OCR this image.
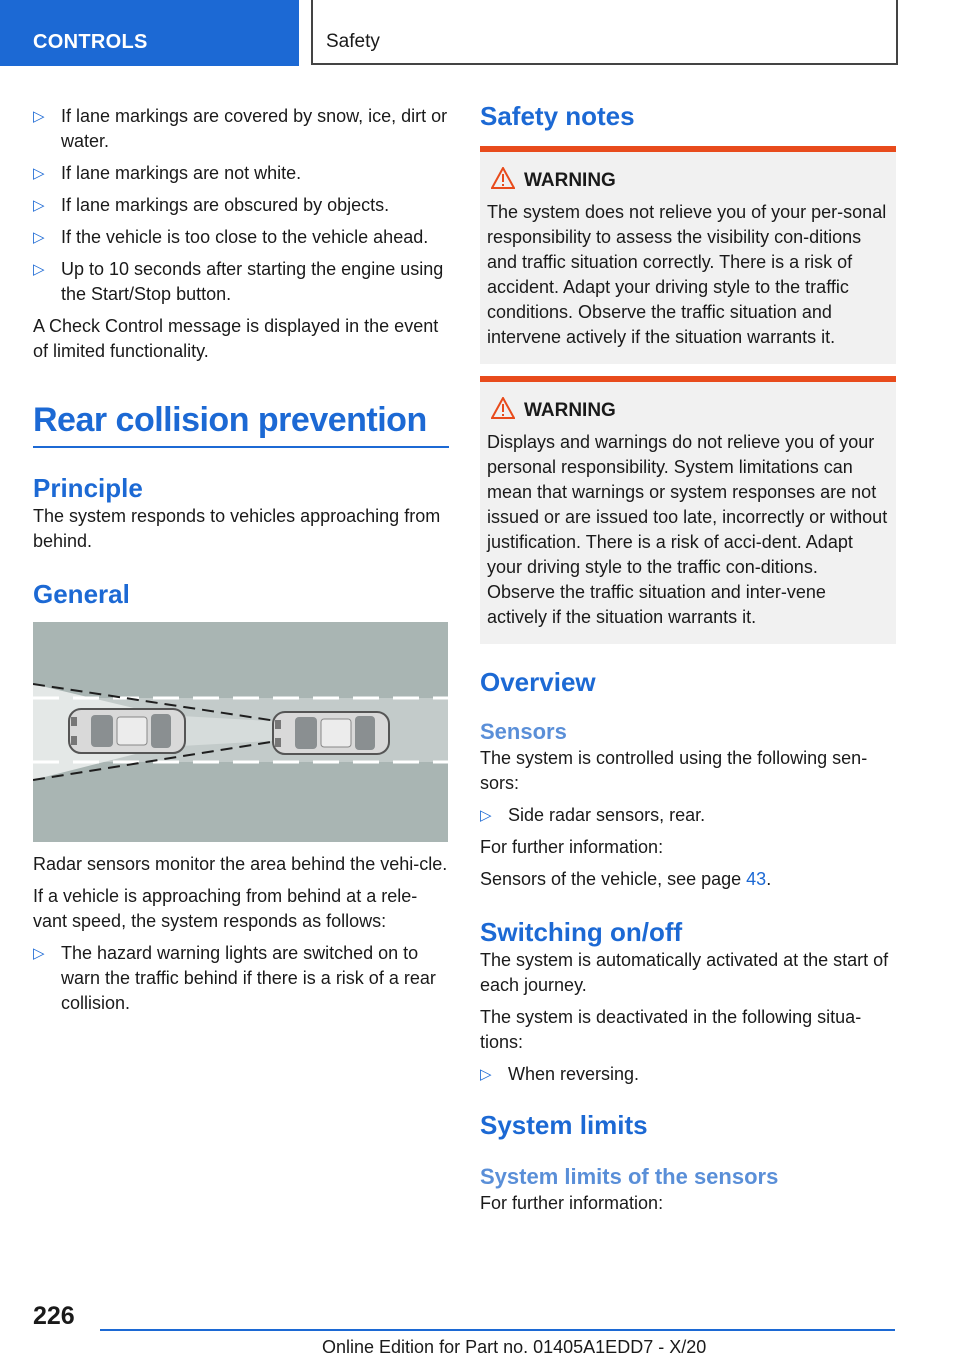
CONTROLS	Safety
▷ If lane markings are covered by snow, ice, dirt or water.
▷ If lane markings are not white.
▷ If lane markings are obscured by objects.
▷ If the vehicle is too close to the vehicle ahead.
▷ Up to 10 seconds after starting the engine using the Start/Stop button.

A Check Control message is displayed in the event of limited functionality.

Rear collision prevention
Principle

The system responds to vehicles approaching from behind.

General

Radar sensors monitor the area behind the vehi-cle.

If a vehicle is approaching from behind at a rele-vant speed, the system responds as follows:

▷ The hazard warning lights are switched on to warn the traffic behind if there is a risk of a rear collision.
Safety notes
WARNING

The system does not relieve you of your per-sonal responsibility to assess the visibility con-ditions and traffic situation correctly. There is a risk of accident. Adapt your driving style to the traffic conditions. Observe the traffic situation and intervene actively if the situation warrants it.

WARNING

Displays and warnings do not relieve you of your personal responsibility. System limitations can mean that warnings or system responses are not issued or are issued too late, incorrectly or without justification. There is a risk of acci-dent. Adapt your driving style to the traffic con-ditions. Observe the traffic situation and inter-vene actively if the situation warrants it.

Overview
Sensors

The system is controlled using the following sen-sors:

▷ Side radar sensors, rear.

For further information:

Sensors of the vehicle, see page 43.

Switching on/off

The system is automatically activated at the start of each journey.

The system is deactivated in the following situa-tions:

▷ When reversing.
System limits
System limits of the sensors

For further information:

226
Online Edition for Part no. 01405A1EDD7 - X/20
